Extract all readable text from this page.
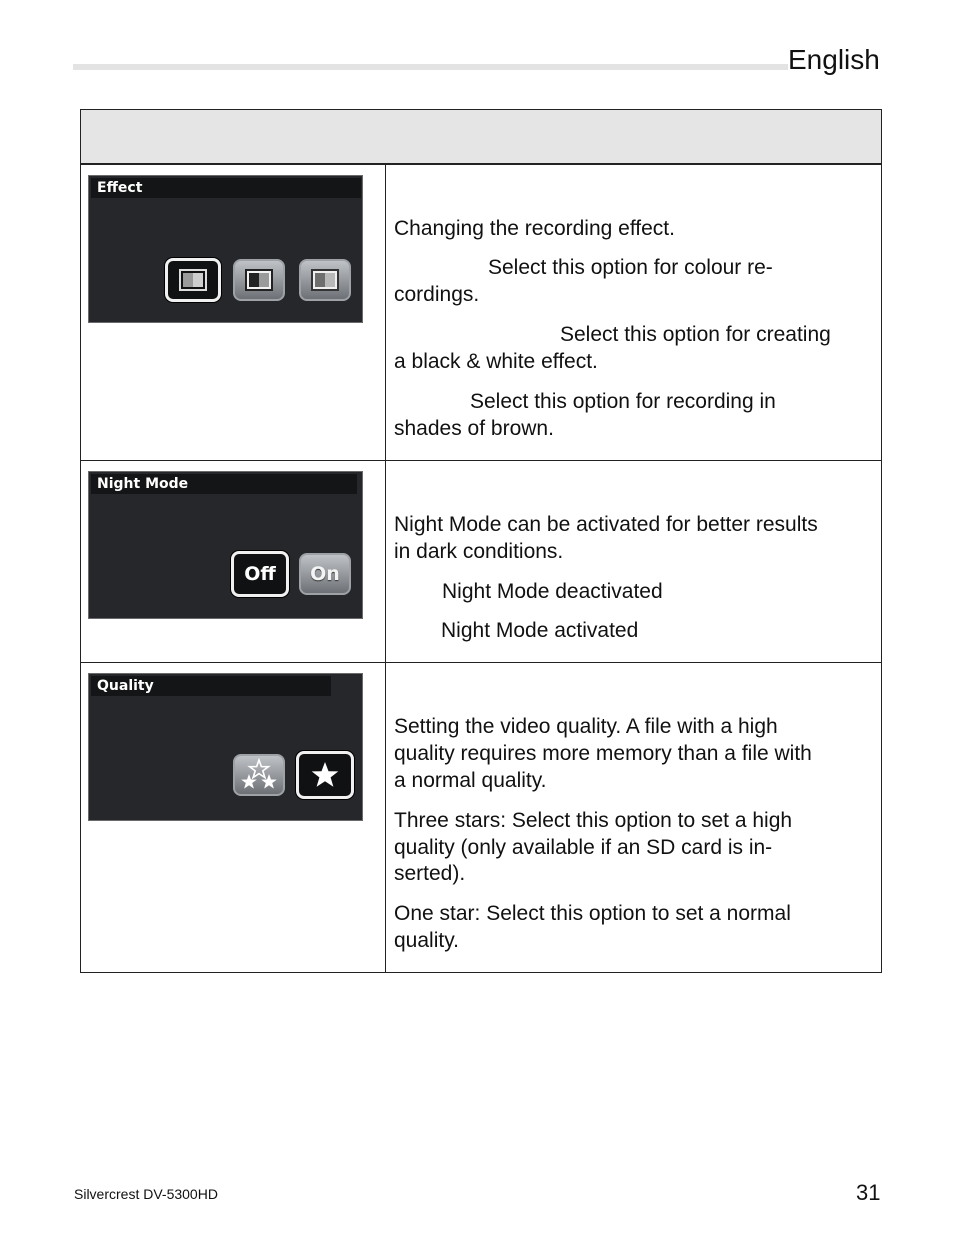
English
Effect

Changing the recording effect.

Select this option for colour re-

cordings.

Select this option for creating

a black & white effect.

Select this option for recording in

shades of brown.

Night Mode
Off On

Night Mode can be activated for better results

in dark conditions.

Night Mode deactivated

Night Mode activated

Quality

Setting the video quality. A file with a high

quality requires more memory than a file with

a normal quality.

Three stars: Select this option to set a high

quality (only available if an SD card is in-

serted).

One star: Select this option to set a normal

quality.

Silvercrest DV-5300HD	31
